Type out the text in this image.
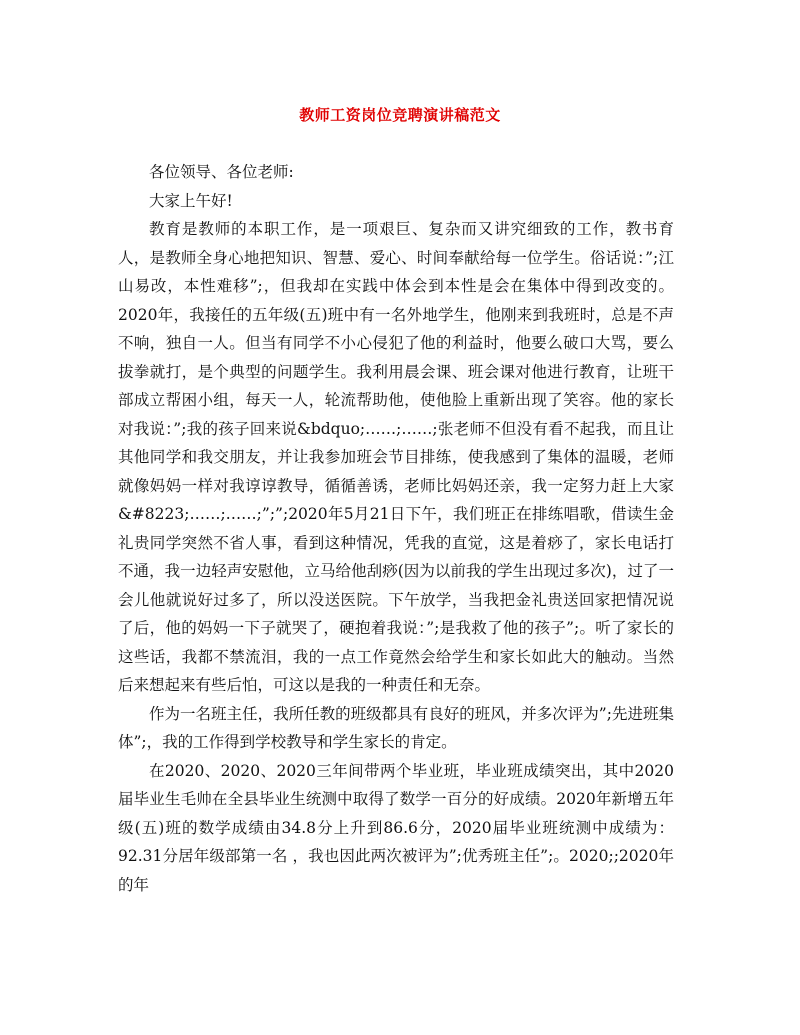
教师工资岗位竞聘演讲稿范文

各位领导、各位老师:

大家上午好!

教育是教师的本职工作，是一项艰巨、复杂而又讲究细致的工作，教书育人，是教师全身心地把知识、智慧、爱心、时间奉献给每一位学生。俗话说：”;江山易改，本性难移”;，但我却在实践中体会到本性是会在集体中得到改变的。2020年，我接任的五年级(五)班中有一名外地学生，他刚来到我班时，总是不声不响，独自一人。但当有同学不小心侵犯了他的利益时，他要么破口大骂，要么拔拳就打，是个典型的问题学生。我利用晨会课、班会课对他进行教育，让班干部成立帮困小组，每天一人，轮流帮助他，使他脸上重新出现了笑容。他的家长对我说：”;我的孩子回来说&bdquo;……;……;张老师不但没有看不起我，而且让其他同学和我交朋友，并让我参加班会节目排练，使我感到了集体的温暖，老师就像妈妈一样对我谆谆教导，循循善诱，老师比妈妈还亲，我一定努力赶上大家&#8223;……;……;”;”;2020年5月21日下午，我们班正在排练唱歌，借读生金礼贵同学突然不省人事，看到这种情况，凭我的直觉，这是着痧了，家长电话打不通，我一边轻声安慰他，立马给他刮痧(因为以前我的学生出现过多次)，过了一会儿他就说好过多了，所以没送医院。下午放学，当我把金礼贵送回家把情况说了后，他的妈妈一下子就哭了，硬抱着我说：”;是我救了他的孩子”;。听了家长的这些话，我都不禁流泪，我的一点工作竟然会给学生和家长如此大的触动。当然后来想起来有些后怕，可这以是我的一种责任和无奈。

作为一名班主任，我所任教的班级都具有良好的班风，并多次评为”;先进班集体”;，我的工作得到学校教导和学生家长的肯定。

在2020、2020、2020三年间带两个毕业班，毕业班成绩突出，其中2020届毕业生毛帅在全县毕业生统测中取得了数学一百分的好成绩。2020年新增五年级(五)班的数学成绩由34.8分上升到86.6分，2020届毕业班统测中成绩为：92.31分居年级部第一名 ，我也因此两次被评为”;优秀班主任”;。2020;;2020年的年
